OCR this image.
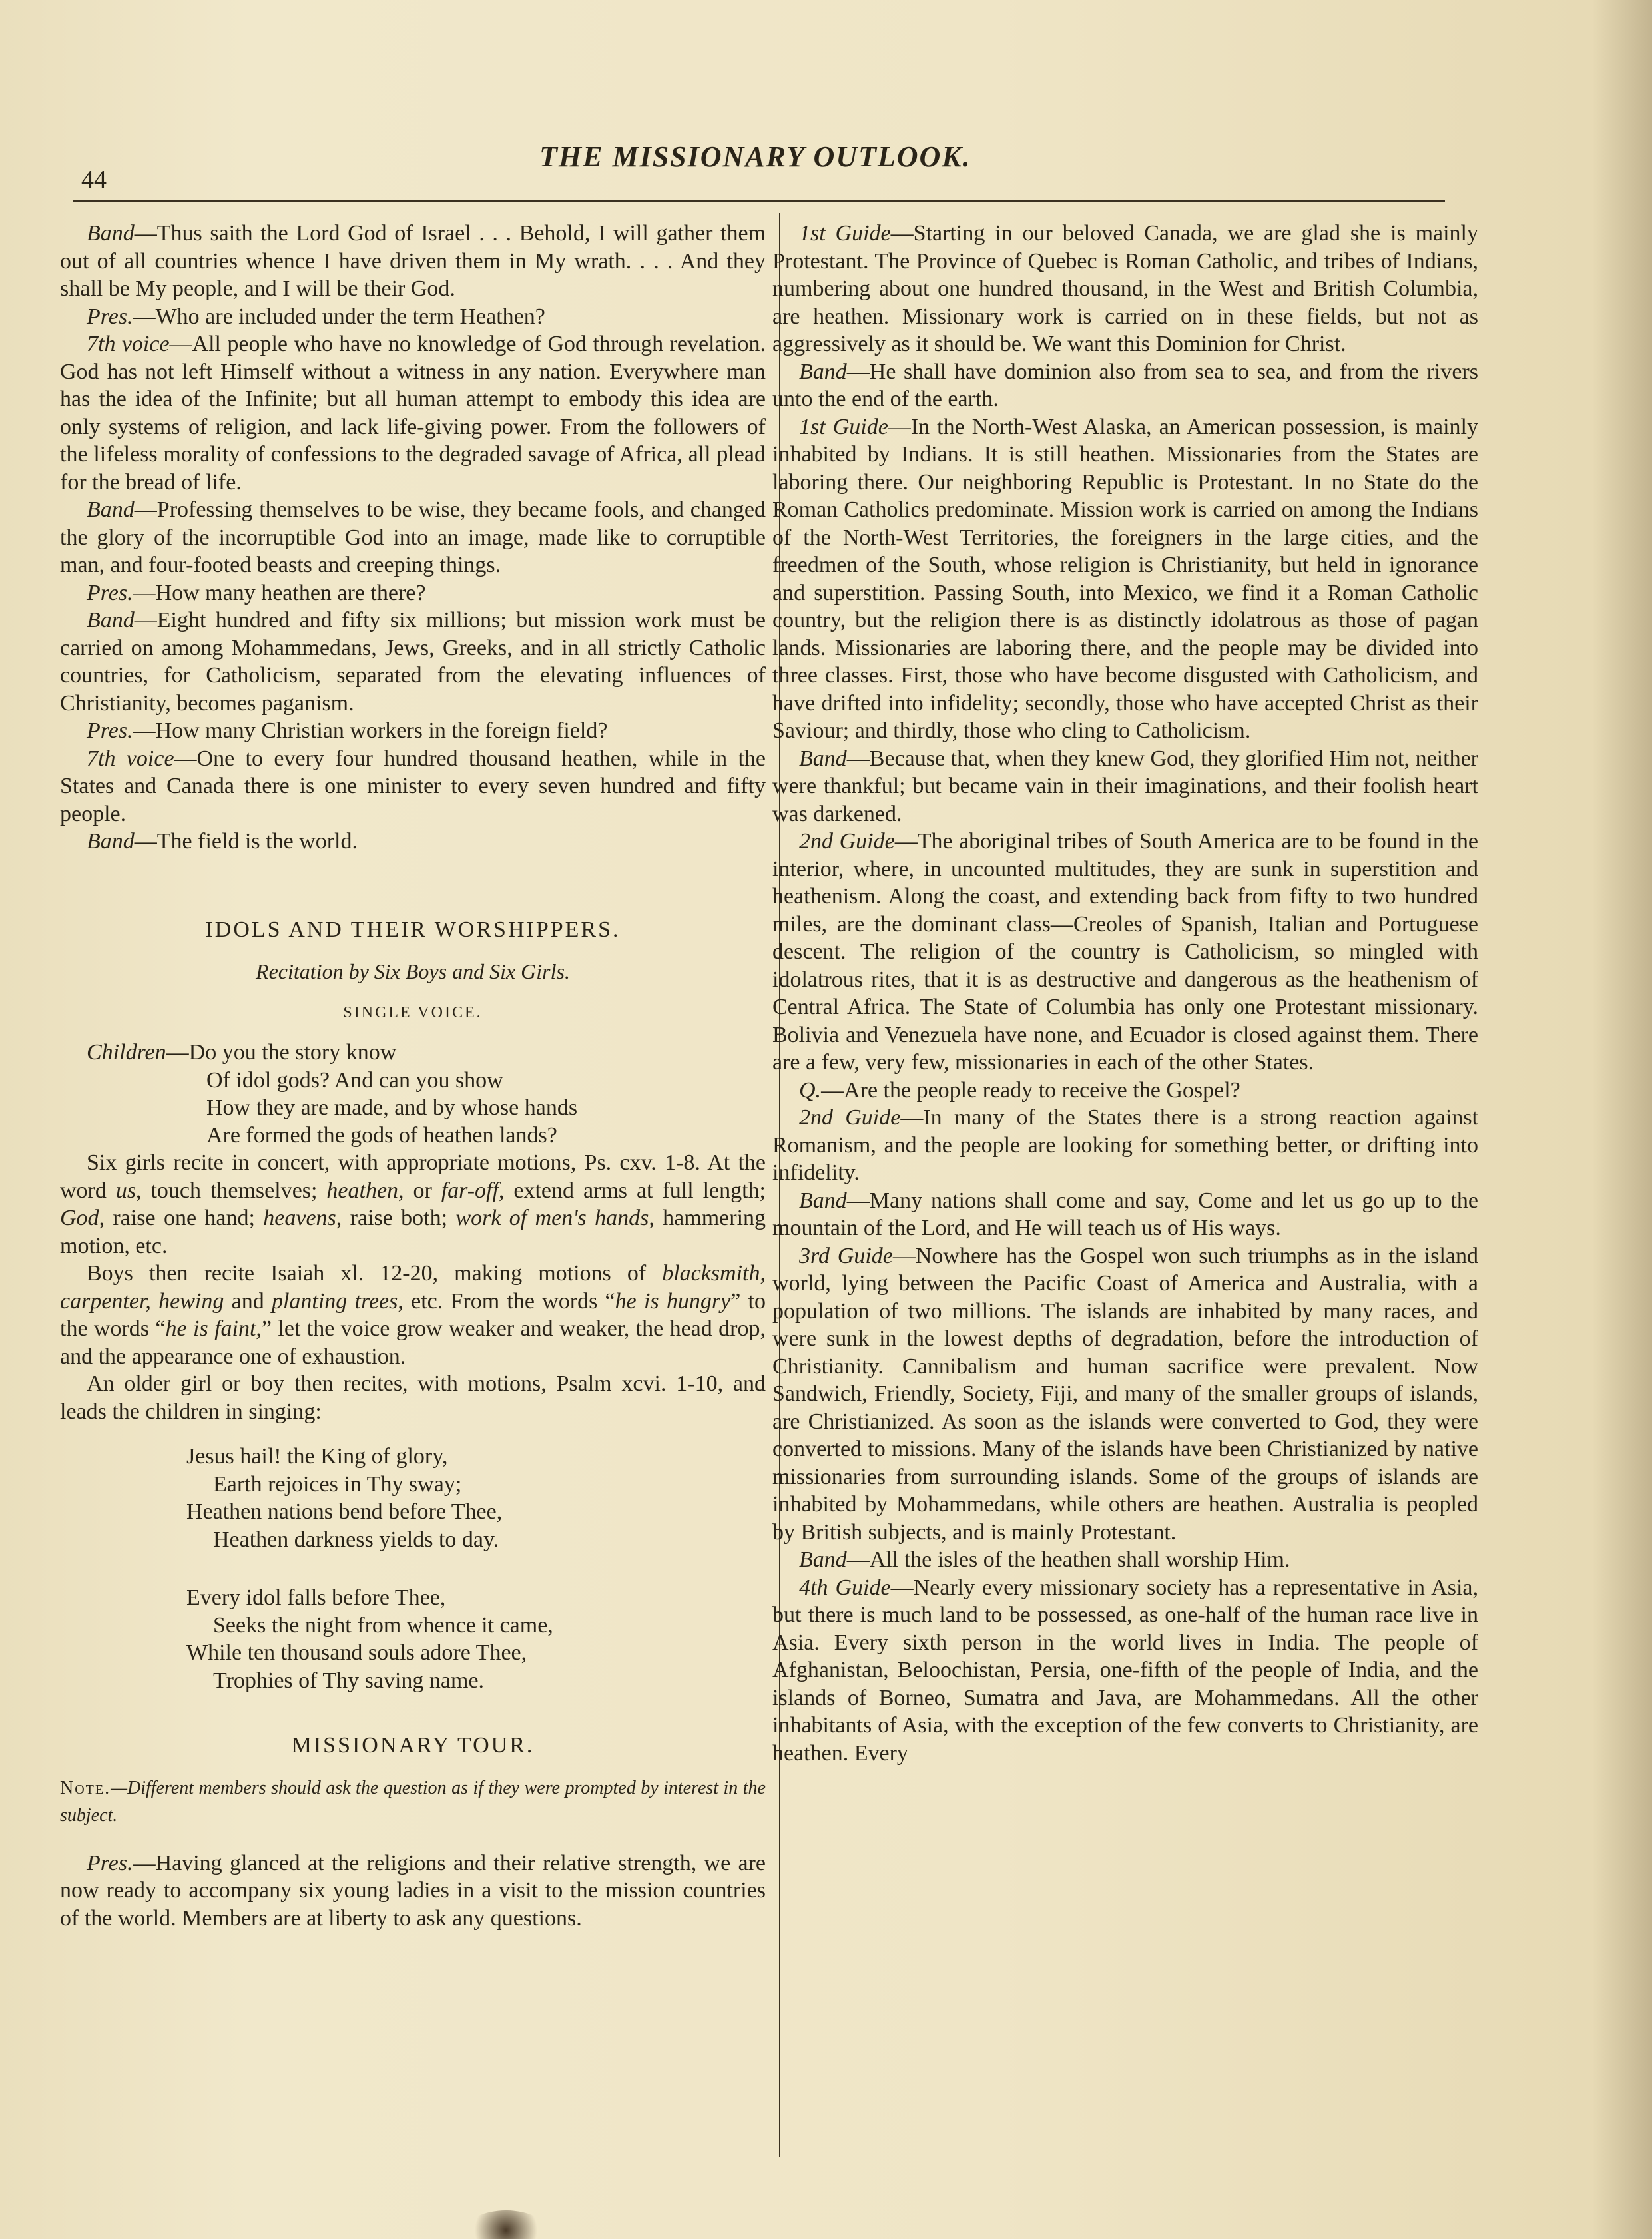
44
THE MISSIONARY OUTLOOK.

Band—Thus saith the Lord God of Israel . . . Behold, I will gather them out of all countries whence I have driven them in My wrath. . . . And they shall be My people, and I will be their God.

Pres.—Who are included under the term Heathen?

7th voice—All people who have no knowledge of God through revelation. God has not left Himself without a witness in any nation. Everywhere man has the idea of the Infinite; but all human attempt to embody this idea are only systems of religion, and lack life-giving power. From the followers of the lifeless morality of confessions to the degraded savage of Africa, all plead for the bread of life.

Band—Professing themselves to be wise, they became fools, and changed the glory of the incorruptible God into an image, made like to corruptible man, and four-footed beasts and creeping things.

Pres.—How many heathen are there?

Band—Eight hundred and fifty six millions; but mission work must be carried on among Mohammedans, Jews, Greeks, and in all strictly Catholic countries, for Catholicism, separated from the elevating influences of Christianity, becomes paganism.

Pres.—How many Christian workers in the foreign field?

7th voice—One to every four hundred thousand heathen, while in the States and Canada there is one minister to every seven hundred and fifty people.

Band—The field is the world.

IDOLS AND THEIR WORSHIPPERS.
Recitation by Six Boys and Six Girls.
SINGLE VOICE.
Children—Do you the story know
Of idol gods? And can you show
How they are made, and by whose hands
Are formed the gods of heathen lands?

Six girls recite in concert, with appropriate motions, Ps. cxv. 1-8. At the word us, touch themselves; heathen, or far-off, extend arms at full length; God, raise one hand; heavens, raise both; work of men's hands, hammering motion, etc.

Boys then recite Isaiah xl. 12-20, making motions of blacksmith, carpenter, hewing and planting trees, etc. From the words “he is hungry” to the words “he is faint,” let the voice grow weaker and weaker, the head drop, and the appearance one of exhaustion.

An older girl or boy then recites, with motions, Psalm xcvi. 1-10, and leads the children in singing:

Jesus hail! the King of glory,
Earth rejoices in Thy sway;
Heathen nations bend before Thee,
Heathen darkness yields to day.
Every idol falls before Thee,
Seeks the night from whence it came,
While ten thousand souls adore Thee,
Trophies of Thy saving name.
MISSIONARY TOUR.
Note.—Different members should ask the question as if they were prompted by interest in the subject.

Pres.—Having glanced at the religions and their relative strength, we are now ready to accompany six young ladies in a visit to the mission countries of the world. Members are at liberty to ask any questions.

1st Guide—Starting in our beloved Canada, we are glad she is mainly Protestant. The Province of Quebec is Roman Catholic, and tribes of Indians, numbering about one hundred thousand, in the West and British Columbia, are heathen. Missionary work is carried on in these fields, but not as aggressively as it should be. We want this Dominion for Christ.

Band—He shall have dominion also from sea to sea, and from the rivers unto the end of the earth.

1st Guide—In the North-West Alaska, an American possession, is mainly inhabited by Indians. It is still heathen. Missionaries from the States are laboring there. Our neighboring Republic is Protestant. In no State do the Roman Catholics predominate. Mission work is carried on among the Indians of the North-West Territories, the foreigners in the large cities, and the freedmen of the South, whose religion is Christianity, but held in ignorance and superstition. Passing South, into Mexico, we find it a Roman Catholic country, but the religion there is as distinctly idolatrous as those of pagan lands. Missionaries are laboring there, and the people may be divided into three classes. First, those who have become disgusted with Catholicism, and have drifted into infidelity; secondly, those who have accepted Christ as their Saviour; and thirdly, those who cling to Catholicism.

Band—Because that, when they knew God, they glorified Him not, neither were thankful; but became vain in their imaginations, and their foolish heart was darkened.

2nd Guide—The aboriginal tribes of South America are to be found in the interior, where, in uncounted multitudes, they are sunk in superstition and heathenism. Along the coast, and extending back from fifty to two hundred miles, are the dominant class—Creoles of Spanish, Italian and Portuguese descent. The religion of the country is Catholicism, so mingled with idolatrous rites, that it is as destructive and dangerous as the heathenism of Central Africa. The State of Columbia has only one Protestant missionary. Bolivia and Venezuela have none, and Ecuador is closed against them. There are a few, very few, missionaries in each of the other States.

Q.—Are the people ready to receive the Gospel?

2nd Guide—In many of the States there is a strong reaction against Romanism, and the people are looking for something better, or drifting into infidelity.

Band—Many nations shall come and say, Come and let us go up to the mountain of the Lord, and He will teach us of His ways.

3rd Guide—Nowhere has the Gospel won such triumphs as in the island world, lying between the Pacific Coast of America and Australia, with a population of two millions. The islands are inhabited by many races, and were sunk in the lowest depths of degradation, before the introduction of Christianity. Cannibalism and human sacrifice were prevalent. Now Sandwich, Friendly, Society, Fiji, and many of the smaller groups of islands, are Christianized. As soon as the islands were converted to God, they were converted to missions. Many of the islands have been Christianized by native missionaries from surrounding islands. Some of the groups of islands are inhabited by Mohammedans, while others are heathen. Australia is peopled by British subjects, and is mainly Protestant.

Band—All the isles of the heathen shall worship Him.

4th Guide—Nearly every missionary society has a representative in Asia, but there is much land to be possessed, as one-half of the human race live in Asia. Every sixth person in the world lives in India. The people of Afghanistan, Beloochistan, Persia, one-fifth of the people of India, and the islands of Borneo, Sumatra and Java, are Mohammedans. All the other inhabitants of Asia, with the exception of the few converts to Christianity, are heathen. Every
